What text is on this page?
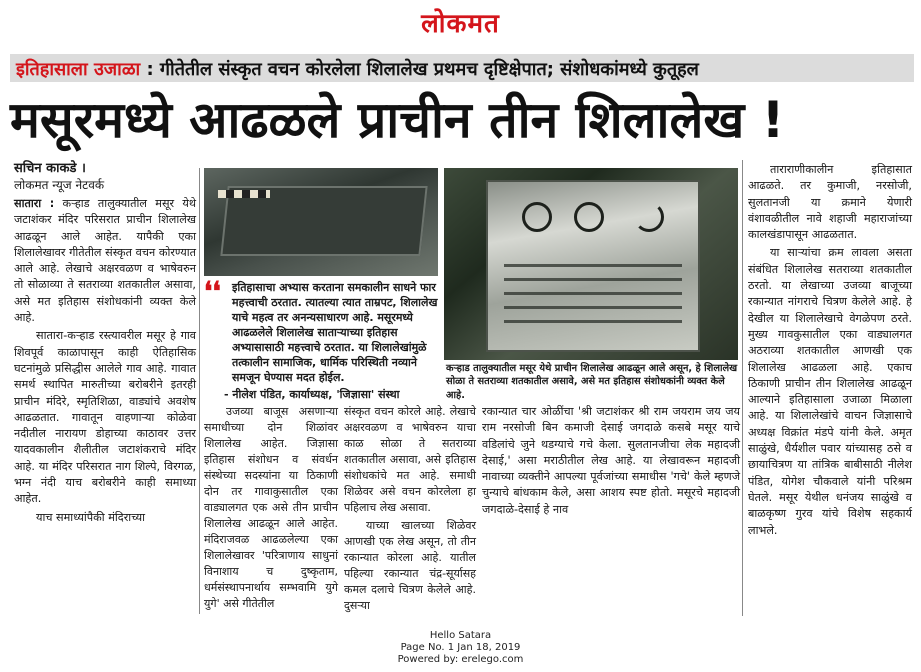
लोकमत
इतिहासाला उजाळा : गीतेतील संस्कृत वचन कोरलेला शिलालेख प्रथमच दृष्टिक्षेपात; संशोधकांमध्ये कुतूहल
मसूरमध्ये आढळले प्राचीन तीन शिलालेख !
सचिन काकडे ।
लोकमत न्यूज नेटवर्क

सातारा : कऱ्हाड तालुक्यातील मसूर येथे जटाशंकर मंदिर परिसरात प्राचीन शिलालेख आढळून आले आहेत. यापैकी एका शिलालेखावर गीतेतील संस्कृत वचन कोरण्यात आले आहे. लेखाचे अक्षरवळण व भाषेवरुन तो सोळाव्या ते सतराव्या शतकातील असावा, असे मत इतिहास संशोधकांनी व्यक्त केले आहे.

सातारा-कऱ्हाड रस्त्यावरील मसूर हे गाव शिवपूर्व काळापासून काही ऐतिहासिक घटनांमुळे प्रसिद्धीस आलेले गाव आहे. गावात समर्थ स्थापित मारुतीच्या बरोबरीने इतरही प्राचीन मंदिरे, स्मृतिशिळा, वाड्यांचे अवशेष आढळतात. गावातून वाहणाऱ्या कोळेवा नदीतील नारायण डोहाच्या काठावर उत्तर यादवकालीन शैलीतील जटाशंकराचे मंदिर आहे. या मंदिर परिसरात नाग शिल्पे, विरगळ, भग्न नंदी याच बरोबरीने काही समाध्या आहेत.

याच समाध्यांपैकी मंदिराच्या

❛❛	इतिहासाचा अभ्यास करताना समकालीन साधने फार महत्त्वाची ठरतात. त्यातल्या त्यात ताम्रपट, शिलालेख याचे महत्व तर अनन्यसाधारण आहे. मसूरमध्ये आढळलेले शिलालेख साताऱ्याच्या इतिहास अभ्यासासाठी महत्त्वाचे ठरतात. या शिलालेखांमुळे तत्कालीन सामाजिक, धार्मिक परिस्थिती नव्याने समजून घेण्यास मदत होईल.
- नीलेश पंडित, कार्याध्यक्ष, 'जिज्ञासा' संस्था
कऱ्हाड तालुक्यातील मसूर येथे प्राचीन शिलालेख आढळून आले असून, हे शिलालेख सोळा ते सतराव्या शतकातील असावे, असे मत इतिहास संशोधकांनी व्यक्त केले आहे.

उजव्या बाजूस असणाऱ्या समाधीच्या दोन शिळांवर शिलालेख आहेत. जिज्ञासा इतिहास संशोधन व संवर्धन संस्थेच्या सदस्यांना या ठिकाणी दोन तर गावाकुसातील एका वाड्यालगत एक असे तीन प्राचीन शिलालेख आढळून आले आहेत. मंदिराजवळ आढळलेल्या एका शिलालेखावर 'परित्राणाय साधुनां विनाशाय च दुष्कृताम, धर्मसंस्थापनार्थाय सम्भवामि युगे युगे' असे गीतेतील

संस्कृत वचन कोरले आहे. लेखाचे अक्षरवळण व भाषेवरुन याचा काळ सोळा ते सतराव्या शतकातील असावा, असे इतिहास संशोधकांचे मत आहे. समाधी शिळेवर असे वचन कोरलेला हा पहिलाच लेख असावा.

याच्या खालच्या शिळेवर आणखी एक लेख असून, तो तीन रकान्यात कोरला आहे. यातील पहिल्या रकान्यात चंद्र-सूर्यासह कमल दलाचे चित्रण केलेले आहे. दुसऱ्या

रकान्यात चार ओळींचा 'श्री जटाशंकर श्री राम जयराम जय जय राम नरसोजी बिन कमाजी देसाई जगदाळे कसबे मसूर याचे वडिलांचे जुने थडग्याचे गचे केला. सुलतानजीचा लेक महादजी देसाई,' असा मराठीतील लेख आहे. या लेखावरून महादजी नावाच्या व्यक्तीने आपल्या पूर्वजांच्या समाधीस 'गचे' केले म्हणजे चुन्याचे बांधकाम केले, असा आशय स्पष्ट होतो. मसूरचे महादजी जगदाळे-देसाई हे नाव

ताराराणीकालीन इतिहासात आढळते. तर कुमाजी, नरसोजी, सुलतानजी या क्रमाने येणारी वंशावळीतील नावे शहाजी महाराजांच्या कालखंडापासून आढळतात.

या साऱ्यांचा क्रम लावला असता संबंधित शिलालेख सतराव्या शतकातील ठरतो. या लेखाच्या उजव्या बाजूच्या रकान्यात नांगराचे चित्रण केलेले आहे. हे देखील या शिलालेखाचे वेगळेपण ठरते. मुख्य गावकुसातील एका वाड्यालगत अठराव्या शतकातील आणखी एक शिलालेख आढळला आहे. एकाच ठिकाणी प्राचीन तीन शिलालेख आढळून आल्याने इतिहासाला उजाळा मिळाला आहे. या शिलालेखांचे वाचन जिज्ञासाचे अध्यक्ष विक्रांत मंडपे यांनी केले. अमृत साळुंखे, धैर्यशील पवार यांच्यासह ठसे व छायाचित्रण या तांत्रिक बाबीसाठी नीलेश पंडित, योगेश चौकवाले यांनी परिश्रम घेतले. मसूर येथील धनंजय साळुंखे व बाळकृष्ण गुरव यांचे विशेष सहकार्य लाभले.

Hello Satara
Page No. 1 Jan 18, 2019
Powered by: erelego.com
